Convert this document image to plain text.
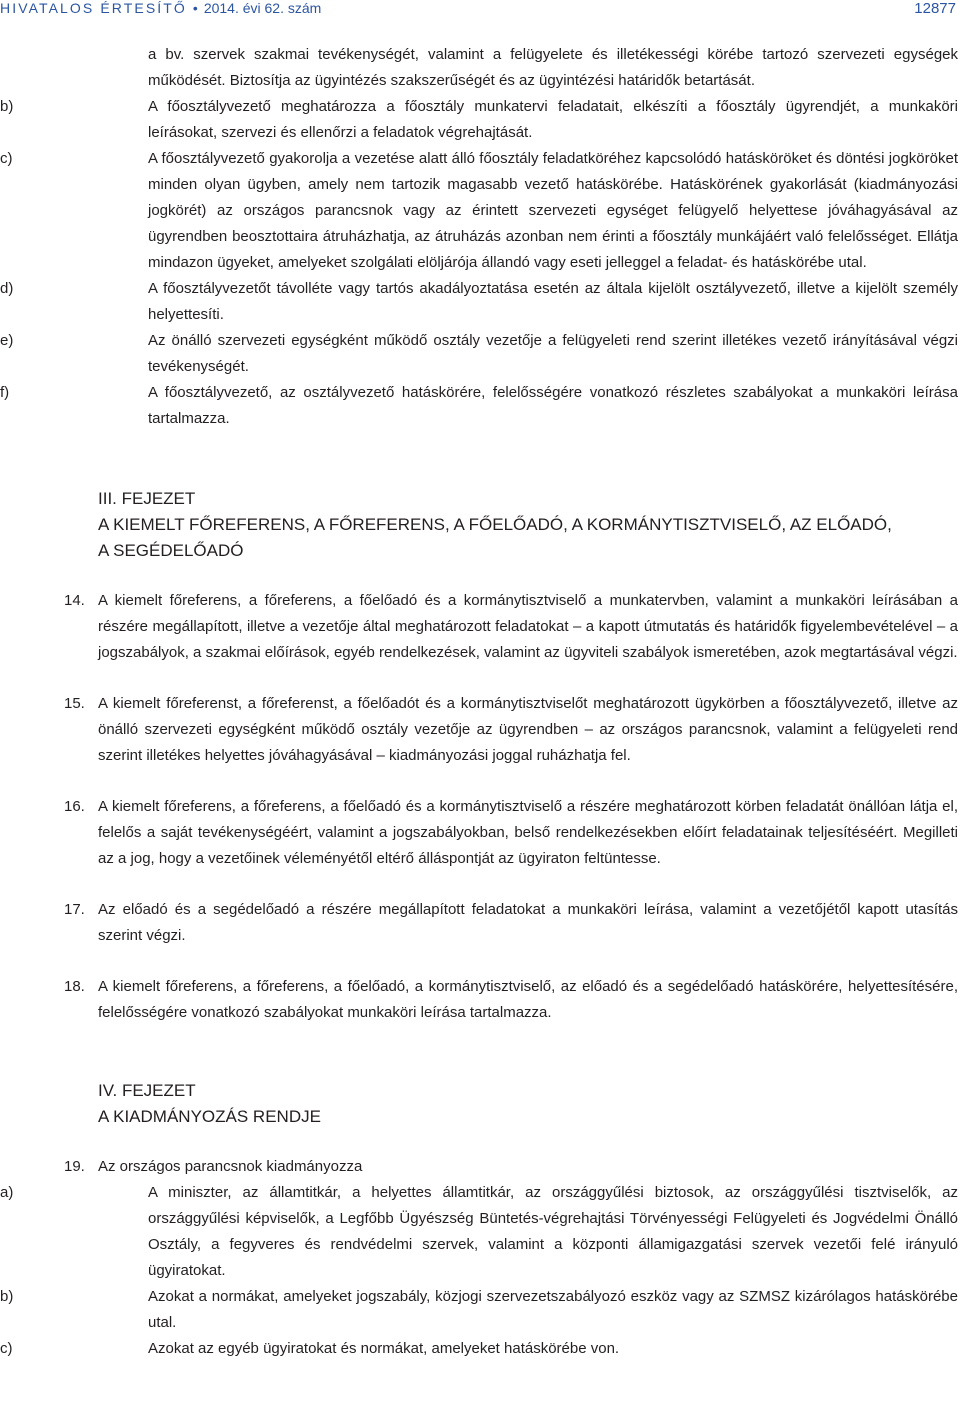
HIVATALOS ÉRTESÍTŐ • 2014. évi 62. szám	12877

a bv. szervek szakmai tevékenységét, valamint a felügyelete és illetékességi körébe tartozó szervezeti egységek működését. Biztosítja az ügyintézés szakszerűségét és az ügyintézési határidők betartását.

b)	A főosztályvezető meghatározza a főosztály munkatervi feladatait, elkészíti a főosztály ügyrendjét, a munkaköri leírásokat, szervezi és ellenőrzi a feladatok végrehajtását.

c)	A főosztályvezető gyakorolja a vezetése alatt álló főosztály feladatköréhez kapcsolódó hatásköröket és döntési jogköröket minden olyan ügyben, amely nem tartozik magasabb vezető hatáskörébe. Hatáskörének gyakorlását (kiadmányozási jogkörét) az országos parancsnok vagy az érintett szervezeti egységet felügyelő helyettese jóváhagyásával az ügyrendben beosztottaira átruházhatja, az átruházás azonban nem érinti a főosztály munkájáért való felelősséget. Ellátja mindazon ügyeket, amelyeket szolgálati elöljárója állandó vagy eseti jelleggel a feladat- és hatáskörébe utal.

d)	A főosztályvezetőt távolléte vagy tartós akadályoztatása esetén az általa kijelölt osztályvezető, illetve a kijelölt személy helyettesíti.

e)	Az önálló szervezeti egységként működő osztály vezetője a felügyeleti rend szerint illetékes vezető irányításával végzi tevékenységét.

f)	A főosztályvezető, az osztályvezető hatáskörére, felelősségére vonatkozó részletes szabályokat a munkaköri leírása tartalmazza.

III. FEJEZET
A KIEMELT FŐREFERENS, A FŐREFERENS, A FŐELŐADÓ, A KORMÁNYTISZTVISELŐ, AZ ELŐADÓ,
A SEGÉDELŐADÓ
14. A kiemelt főreferens, a főreferens, a főelőadó és a kormánytisztviselő a munkatervben, valamint a munkaköri leírásában a részére megállapított, illetve a vezetője által meghatározott feladatokat – a kapott útmutatás és határidők figyelembevételével – a jogszabályok, a szakmai előírások, egyéb rendelkezések, valamint az ügyviteli szabályok ismeretében, azok megtartásával végzi.

15. A kiemelt főreferenst, a főreferenst, a főelőadót és a kormánytisztviselőt meghatározott ügykörben a főosztályvezető, illetve az önálló szervezeti egységként működő osztály vezetője az ügyrendben – az országos parancsnok, valamint a felügyeleti rend szerint illetékes helyettes jóváhagyásával – kiadmányozási joggal ruházhatja fel.

16. A kiemelt főreferens, a főreferens, a főelőadó és a kormánytisztviselő a részére meghatározott körben feladatát önállóan látja el, felelős a saját tevékenységéért, valamint a jogszabályokban, belső rendelkezésekben előírt feladatainak teljesítéséért. Megilleti az a jog, hogy a vezetőinek véleményétől eltérő álláspontját az ügyiraton feltüntesse.

17. Az előadó és a segédelőadó a részére megállapított feladatokat a munkaköri leírása, valamint a vezetőjétől kapott utasítás szerint végzi.

18. A kiemelt főreferens, a főreferens, a főelőadó, a kormánytisztviselő, az előadó és a segédelőadó hatáskörére, helyettesítésére, felelősségére vonatkozó szabályokat munkaköri leírása tartalmazza.

IV. FEJEZET
A KIADMÁNYOZÁS RENDJE
19. Az országos parancsnok kiadmányozza

a)	A miniszter, az államtitkár, a helyettes államtitkár, az országgyűlési biztosok, az országgyűlési tisztviselők, az országgyűlési képviselők, a Legfőbb Ügyészség Büntetés-végrehajtási Törvényességi Felügyeleti és Jogvédelmi Önálló Osztály, a fegyveres és rendvédelmi szervek, valamint a központi államigazgatási szervek vezetői felé irányuló ügyiratokat.

b)	Azokat a normákat, amelyeket jogszabály, közjogi szervezetszabályozó eszköz vagy az SZMSZ kizárólagos hatáskörébe utal.

c)	Azokat az egyéb ügyiratokat és normákat, amelyeket hatáskörébe von.
